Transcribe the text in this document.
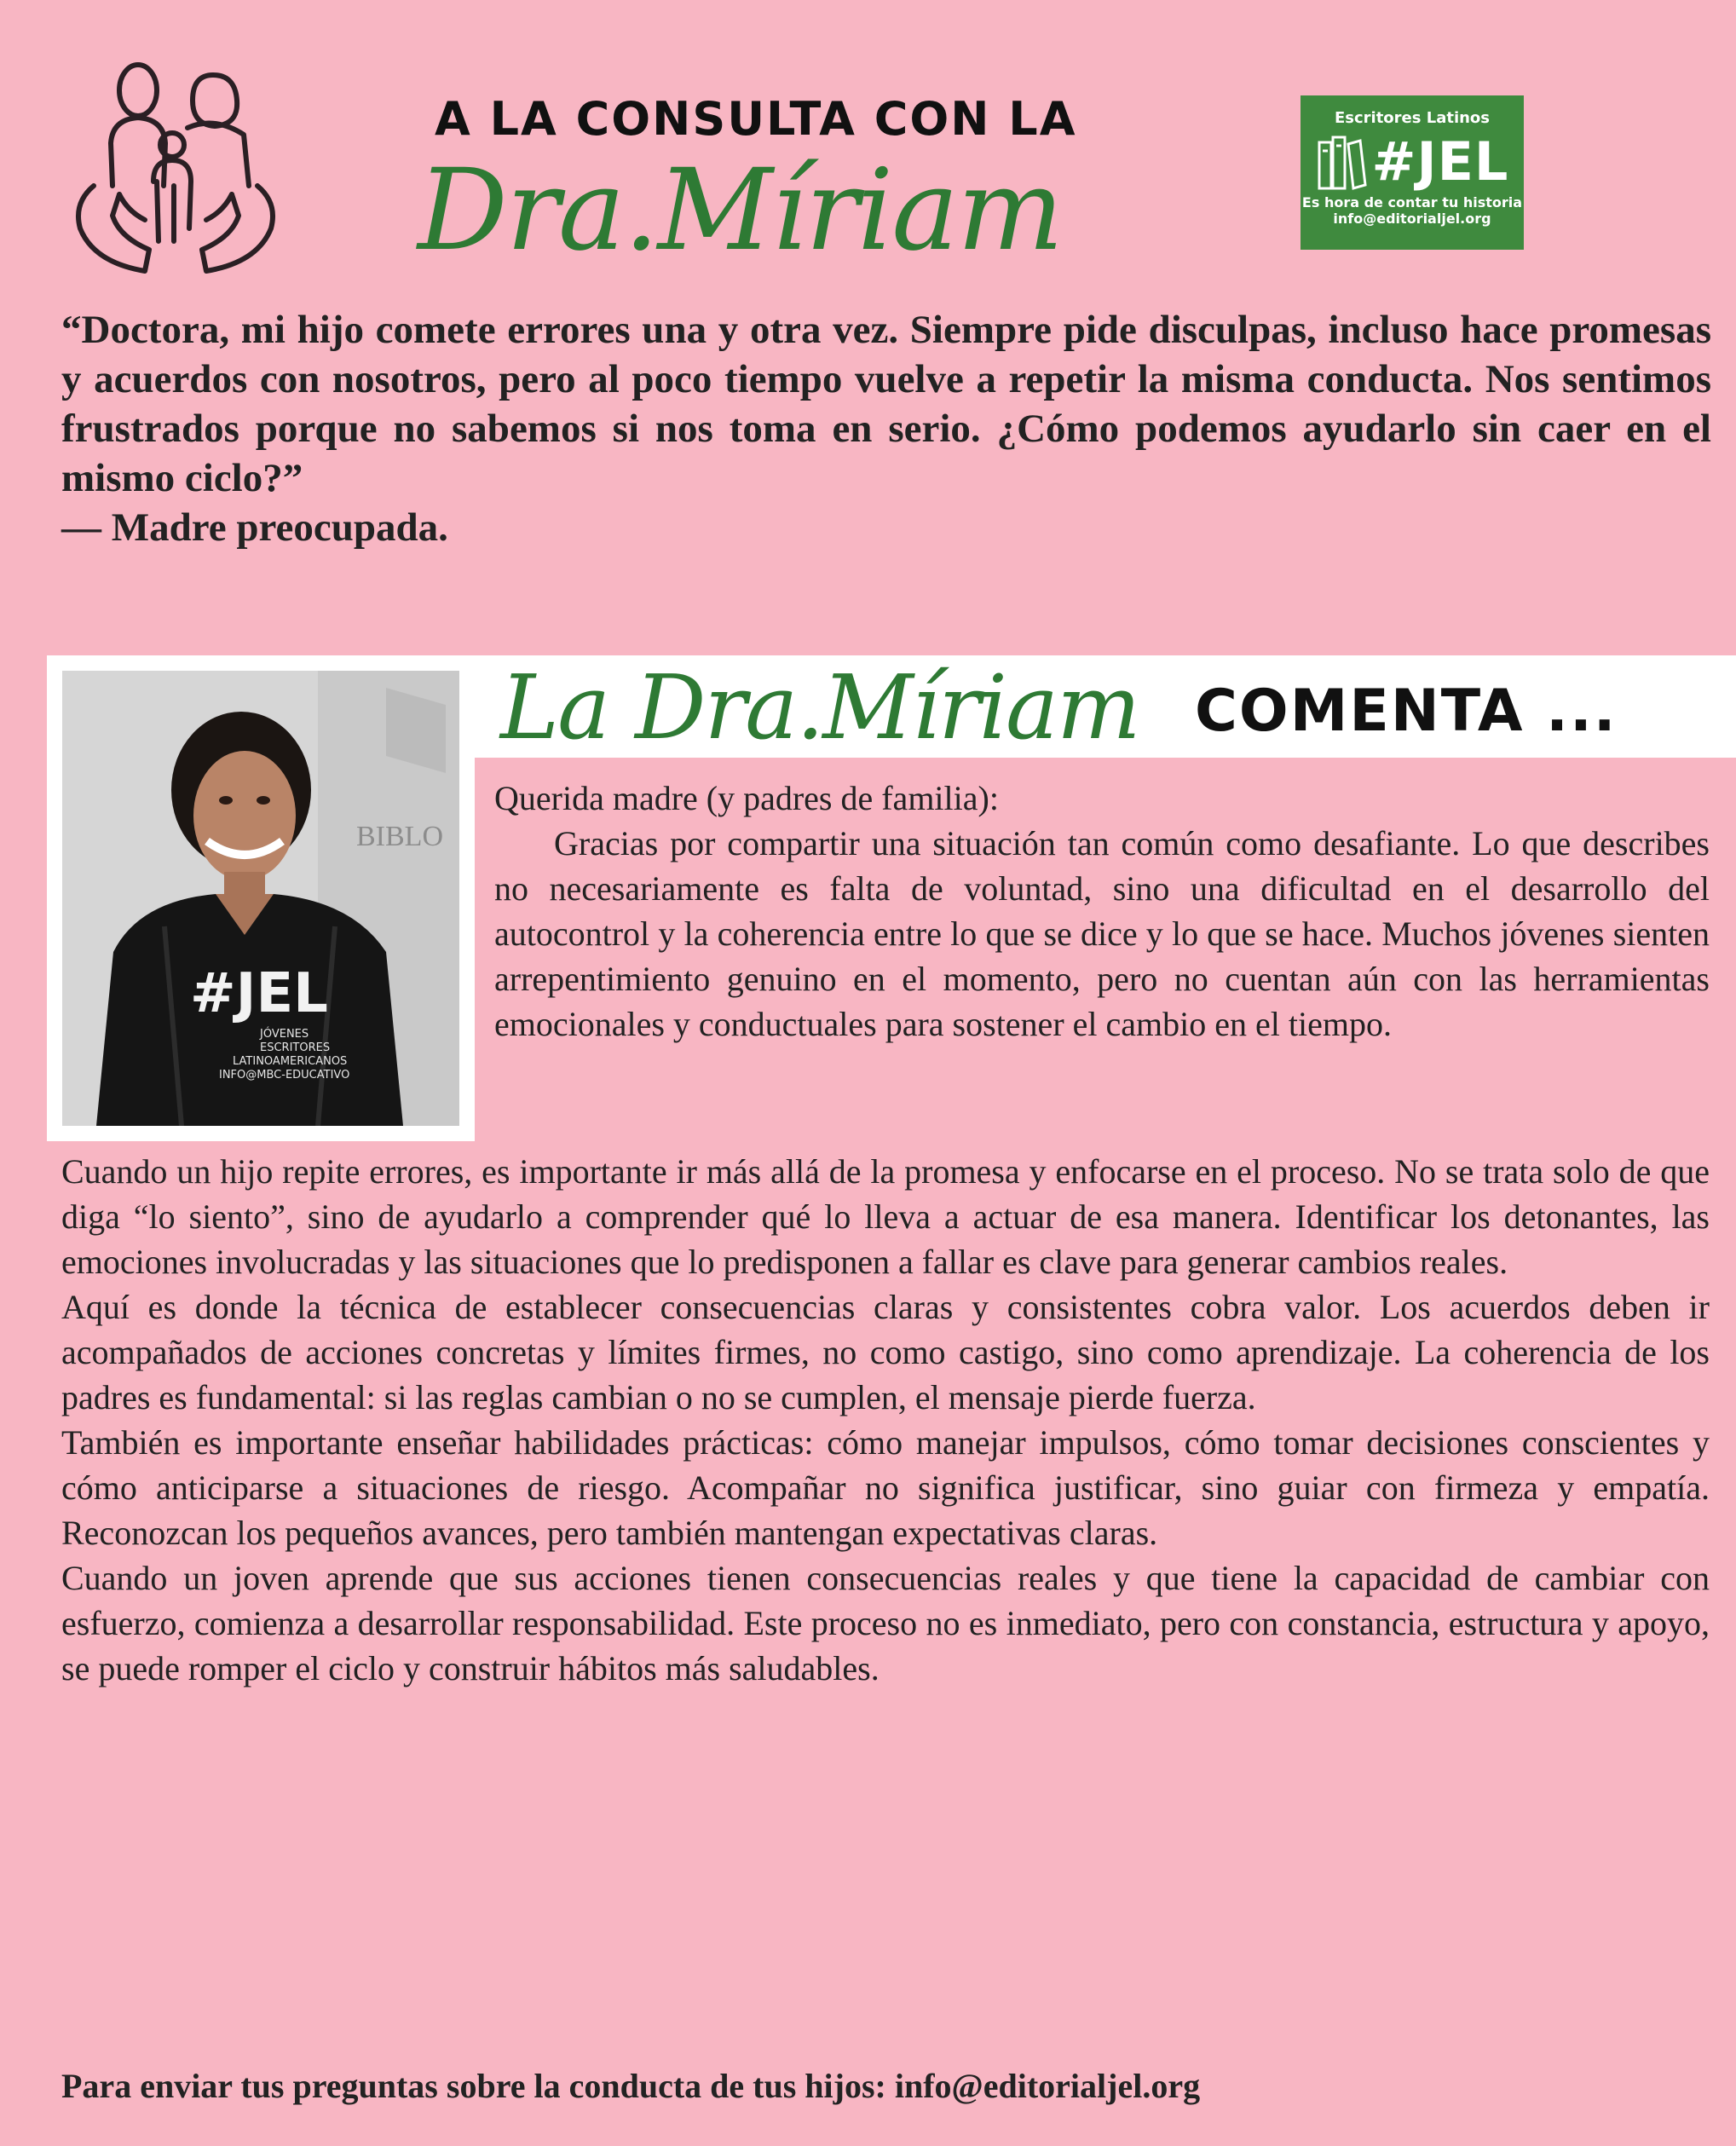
A LA CONSULTA CON LA
Dra.Míriam
Escritores Latinos
#JEL
Es hora de contar tu historia
info@editorialjel.org
“Doctora, mi hijo comete errores una y otra vez. Siempre pide disculpas, incluso hace promesas y acuerdos con nosotros, pero al poco tiempo vuelve a repetir la misma conducta. Nos sentimos frustrados porque no sabemos si nos toma en serio. ¿Cómo podemos ayudarlo sin caer en el mismo ciclo?”
— Madre preocupada.
BIBLO
#JEL
JÓVENES
ESCRITORES
LATINOAMERICANOS
INFO@MBC-EDUCATIVO
La Dra.Míriam COMENTA ...

Querida madre (y padres de familia):

Gracias por compartir una situación tan común como desafiante. Lo que describes no necesariamente es falta de voluntad, sino una dificultad en el desarrollo del autocontrol y la coherencia entre lo que se dice y lo que se hace. Muchos jóvenes sienten arrepentimiento genuino en el momento, pero no cuentan aún con las herramientas emocionales y conductuales para sostener el cambio en el tiempo.

Cuando un hijo repite errores, es importante ir más allá de la promesa y enfocarse en el proceso. No se trata solo de que diga “lo siento”, sino de ayudarlo a comprender qué lo lleva a actuar de esa manera. Identificar los detonantes, las emociones involucradas y las situaciones que lo predisponen a fallar es clave para generar cambios reales.

Aquí es donde la técnica de establecer consecuencias claras y consistentes cobra valor. Los acuerdos deben ir acompañados de acciones concretas y límites firmes, no como castigo, sino como aprendizaje. La coherencia de los padres es fundamental: si las reglas cambian o no se cumplen, el mensaje pierde fuerza.

También es importante enseñar habilidades prácticas: cómo manejar impulsos, cómo tomar decisiones conscientes y cómo anticiparse a situaciones de riesgo. Acompañar no significa justificar, sino guiar con firmeza y empatía. Reconozcan los pequeños avances, pero también mantengan expectativas claras.

Cuando un joven aprende que sus acciones tienen consecuencias reales y que tiene la capacidad de cambiar con esfuerzo, comienza a desarrollar responsabilidad. Este proceso no es inmediato, pero con constancia, estructura y apoyo, se puede romper el ciclo y construir hábitos más saludables.

Para enviar tus preguntas sobre la conducta de tus hijos: info@editorialjel.org
